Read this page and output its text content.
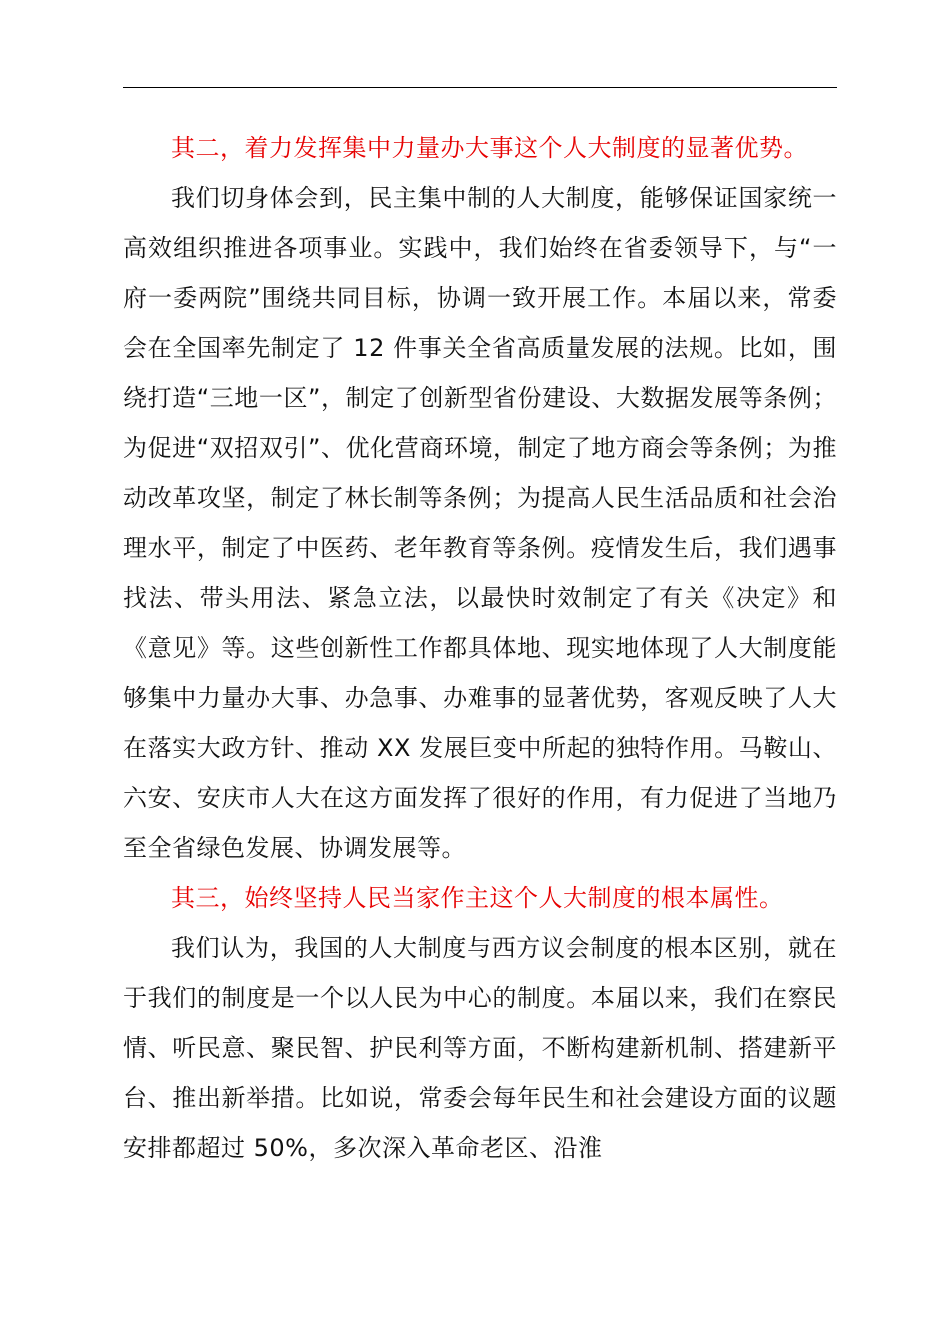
其二，着力发挥集中力量办大事这个人大制度的显著优势。

我们切身体会到，民主集中制的人大制度，能够保证国家统一高效组织推进各项事业。实践中，我们始终在省委领导下，与“一府一委两院”围绕共同目标，协调一致开展工作。本届以来，常委会在全国率先制定了 12 件事关全省高质量发展的法规。比如，围绕打造“三地一区”，制定了创新型省份建设、大数据发展等条例；为促进“双招双引”、优化营商环境，制定了地方商会等条例；为推动改革攻坚，制定了林长制等条例；为提高人民生活品质和社会治理水平，制定了中医药、老年教育等条例。疫情发生后，我们遇事找法、带头用法、紧急立法，以最快时效制定了有关《决定》和《意见》等。这些创新性工作都具体地、现实地体现了人大制度能够集中力量办大事、办急事、办难事的显著优势，客观反映了人大在落实大政方针、推动 XX 发展巨变中所起的独特作用。马鞍山、六安、安庆市人大在这方面发挥了很好的作用，有力促进了当地乃至全省绿色发展、协调发展等。

其三，始终坚持人民当家作主这个人大制度的根本属性。

我们认为，我国的人大制度与西方议会制度的根本区别，就在于我们的制度是一个以人民为中心的制度。本届以来，我们在察民情、听民意、聚民智、护民利等方面，不断构建新机制、搭建新平台、推出新举措。比如说，常委会每年民生和社会建设方面的议题安排都超过 50%，多次深入革命老区、沿淮
